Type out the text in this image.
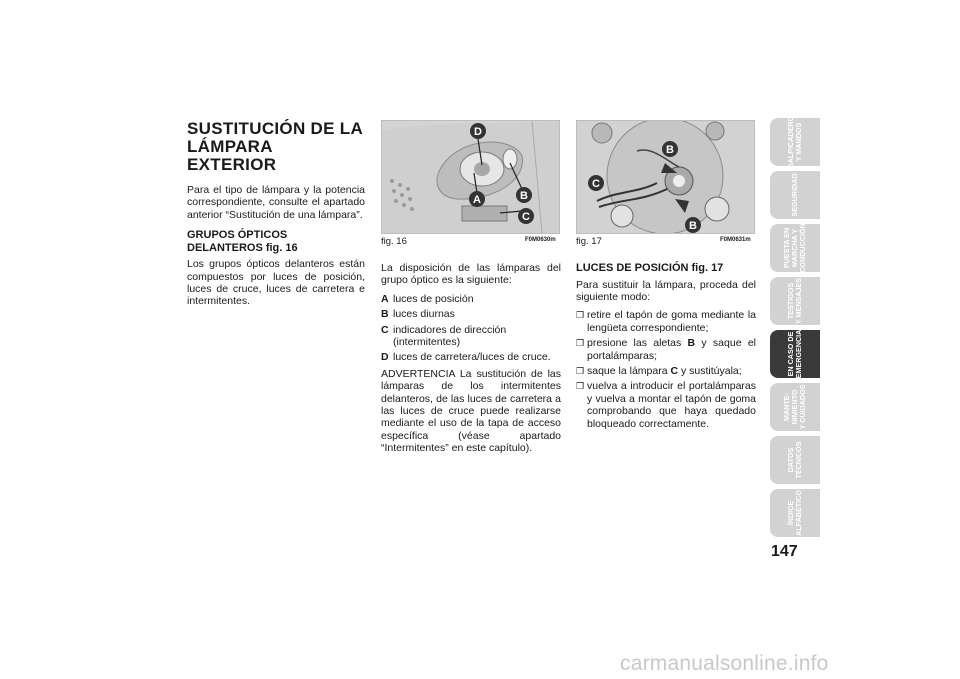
SUSTITUCIÓN DE LA
LÁMPARA EXTERIOR

Para el tipo de lámpara y la potencia correspondiente, consulte el apartado anterior “Sustitución de una lámpara”.

GRUPOS ÓPTICOS
DELANTEROS fig. 16

Los grupos ópticos delanteros están compuestos por luces de posición, luces de cruce, luces de carretera e intermitentes.

D
A	B
C
fig. 16	F0M0630m
B
C
B
fig. 17	F0M0631m

La disposición de las lámparas del grupo óptico es la siguiente:

A luces de posición
B luces diurnas
C indicadores de dirección (intermitentes)
D luces de carretera/luces de cruce.

ADVERTENCIA La sustitución de las lámparas de los intermitentes delanteros, de las luces de carretera a las luces de cruce puede realizarse mediante el uso de la tapa de acceso específica (véase apartado “Intermitentes” en este capítulo).

LUCES DE POSICIÓN fig. 17

Para sustituir la lámpara, proceda del siguiente modo:

❒ retire el tapón de goma mediante la lengüeta correspondiente;
❒ presione las aletas B y saque el portalámparas;
❒ saque la lámpara C y sustitúyala;
❒ vuelva a introducir el portalámparas y vuelva a montar el tapón de goma comprobando que haya quedado bloqueado correctamente.
SALPICADERO
Y MANDOS
SEGURIDAD
PUESTA EN
MARCHA Y
CONDUCCIÓN
TESTIGOS
Y MENSAJES
EN CASO DE
EMERGENCIA
MANTE-
NIMIENTO
Y CUIDADOS
DATOS
TÉCNICOS
ÍNDICE
ALFABÉTICO
147
carmanualsonline.info
